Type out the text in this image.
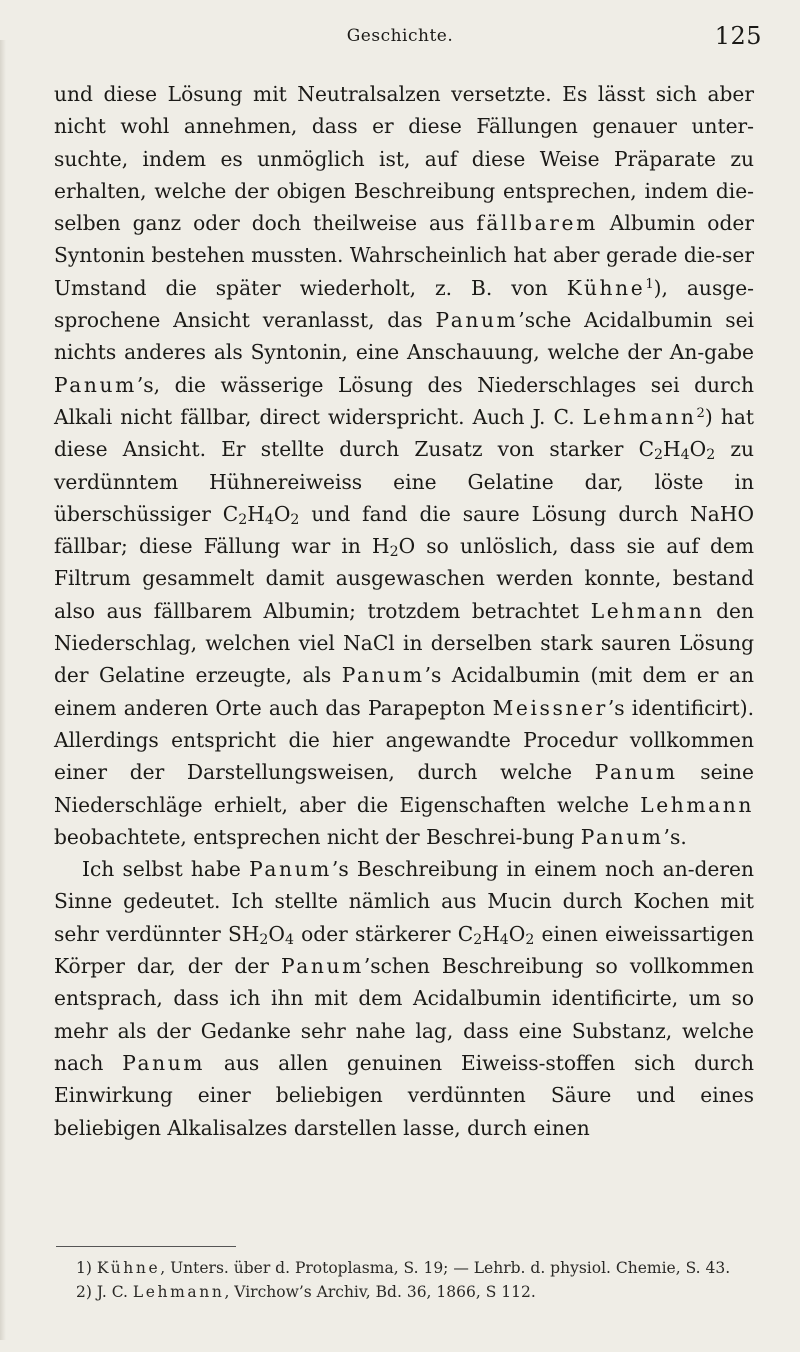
Geschichte.	125

und diese Lösung mit Neutralsalzen versetzte. Es lässt sich aber nicht wohl annehmen, dass er diese Fällungen genauer unter-suchte, indem es unmöglich ist, auf diese Weise Präparate zu erhalten, welche der obigen Beschreibung entsprechen, indem die-selben ganz oder doch theilweise aus fällbarem Albumin oder Syntonin bestehen mussten. Wahrscheinlich hat aber gerade die-ser Umstand die später wiederholt, z. B. von Kühne$^1$), ausge-sprochene Ansicht veranlasst, das Panum’sche Acidalbumin sei nichts anderes als Syntonin, eine Anschauung, welche der An-gabe Panum’s, die wässerige Lösung des Niederschlages sei durch Alkali nicht fällbar, direct widerspricht. Auch J. C. Lehmann$^2$) hat diese Ansicht. Er stellte durch Zusatz von starker $C_2H_4O_2$ zu verdünntem Hühnereiweiss eine Gelatine dar, löste in überschüssiger $C_2H_4O_2$ und fand die saure Lösung durch NaHO fällbar; diese Fällung war in $H_2O$ so unlöslich, dass sie auf dem Filtrum gesammelt damit ausgewaschen werden konnte, bestand also aus fällbarem Albumin; trotzdem betrachtet Lehmann den Niederschlag, welchen viel NaCl in derselben stark sauren Lösung der Gelatine erzeugte, als Panum’s Acidalbumin (mit dem er an einem anderen Orte auch das Parapepton Meissner’s identificirt). Allerdings entspricht die hier angewandte Procedur vollkommen einer der Darstellungsweisen, durch welche Panum seine Niederschläge erhielt, aber die Eigenschaften welche Lehmann beobachtete, entsprechen nicht der Beschrei-bung Panum’s.

Ich selbst habe Panum’s Beschreibung in einem noch an-deren Sinne gedeutet. Ich stellte nämlich aus Mucin durch Kochen mit sehr verdünnter $SH_2O_4$ oder stärkerer $C_2H_4O_2$ einen eiweissartigen Körper dar, der der Panum’schen Beschreibung so vollkommen entsprach, dass ich ihn mit dem Acidalbumin identificirte, um so mehr als der Gedanke sehr nahe lag, dass eine Substanz, welche nach Panum aus allen genuinen Eiweiss-stoffen sich durch Einwirkung einer beliebigen verdünnten Säure und eines beliebigen Alkalisalzes darstellen lasse, durch einen

1) Kühne, Unters. über d. Protoplasma, S. 19; — Lehrb. d. physiol. Chemie, S. 43.

2) J. C. Lehmann, Virchow’s Archiv, Bd. 36, 1866, S 112.
